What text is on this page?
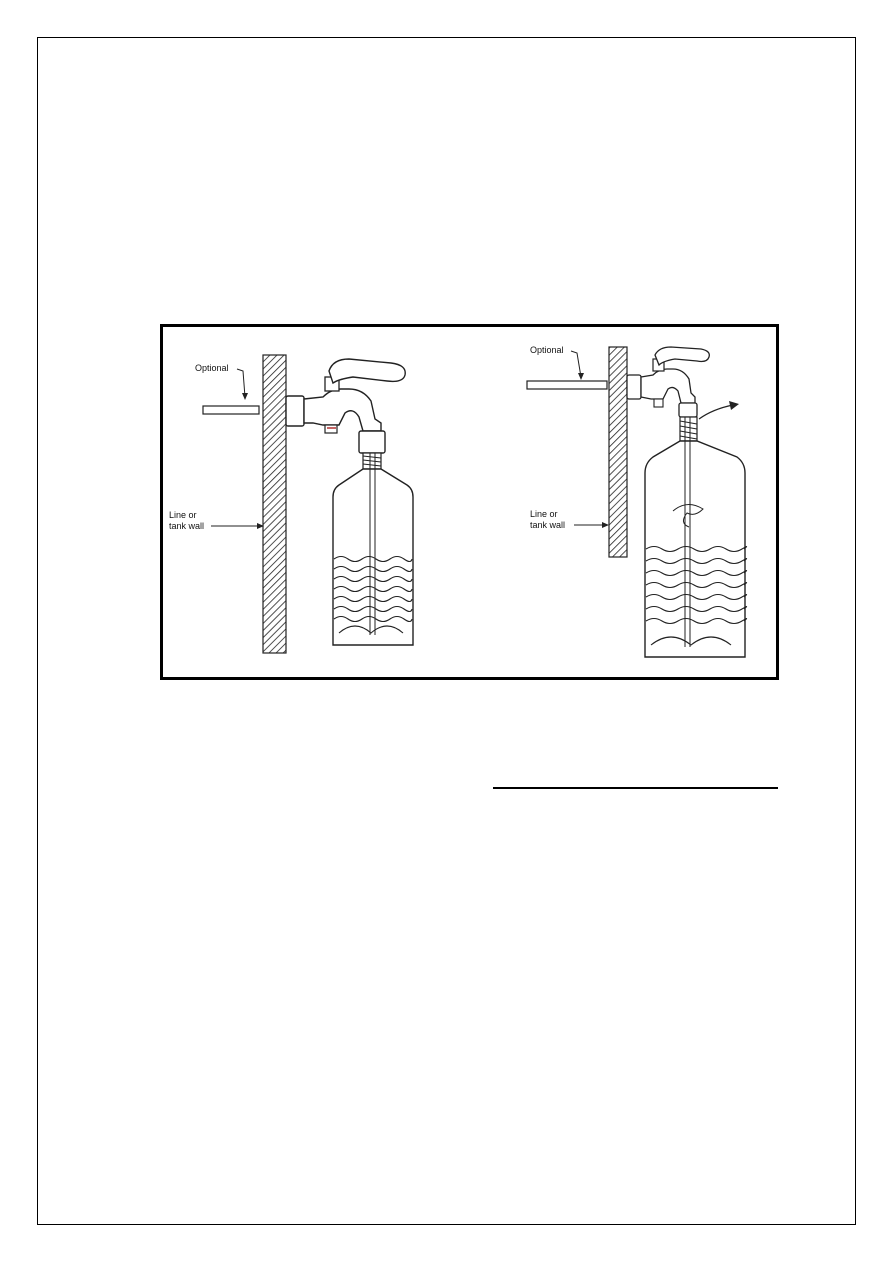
Optional
Line or
tank wall
Optional
Line or
tank wall
